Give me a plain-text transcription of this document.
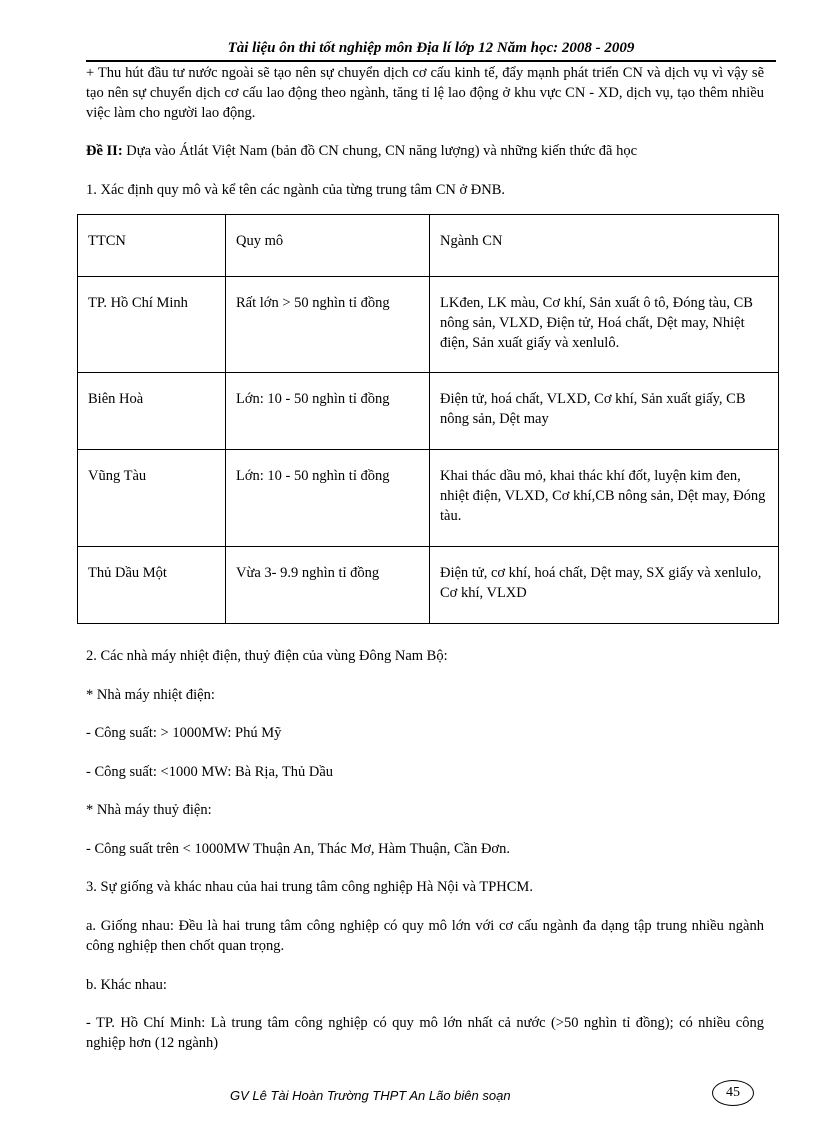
Tài liệu ôn thi tốt nghiệp môn Địa lí lớp 12 Năm học: 2008 - 2009

+ Thu hút đầu tư nước ngoài sẽ tạo nên sự chuyển dịch cơ cấu kinh tế, đẩy mạnh phát triển CN và dịch vụ vì vậy sẽ tạo nên sự chuyển dịch cơ cấu lao động theo ngành, tăng tỉ lệ lao động ở khu vực CN - XD, dịch vụ, tạo thêm nhiều việc làm cho người lao động.

Đề II: Dựa vào Átlát Việt Nam (bản đồ CN chung, CN năng lượng) và những kiến thức đã học

1. Xác định quy mô và kể tên các ngành của từng trung tâm CN ở ĐNB.

TTCN	Quy mô	Ngành CN
TP. Hồ Chí Minh	Rất lớn > 50 nghìn tỉ đồng	LKđen, LK màu, Cơ khí, Sản xuất ô tô, Đóng tàu, CB nông sản, VLXD, Điện tử, Hoá chất, Dệt may, Nhiệt điện, Sản xuất giấy và xenlulô.
Biên Hoà	Lớn: 10 - 50 nghìn tỉ đồng	Điện tử, hoá chất, VLXD, Cơ khí, Sản xuất giấy, CB nông sản, Dệt may
Vũng Tàu	Lớn: 10 - 50 nghìn tỉ đồng	Khai thác dầu mỏ, khai thác khí đốt, luyện kim đen, nhiệt điện, VLXD, Cơ khí,CB nông sản, Dệt may, Đóng tàu.
Thủ Dầu Một	Vừa 3- 9.9 nghìn tỉ đồng	Điện tử, cơ khí, hoá chất, Dệt may, SX giấy và xenlulo, Cơ khí, VLXD

2. Các nhà máy nhiệt điện, thuỷ điện của vùng Đông Nam Bộ:

* Nhà máy nhiệt điện:

- Công suất: > 1000MW: Phú Mỹ

- Công suất: <1000 MW: Bà Rịa, Thủ Dầu

* Nhà máy thuỷ điện:

- Công suất trên < 1000MW Thuận An, Thác Mơ, Hàm Thuận, Cần Đơn.

3. Sự giống và khác nhau của hai trung tâm công nghiệp Hà Nội và TPHCM.

a. Giống nhau: Đều là hai trung tâm công nghiệp có quy mô lớn với cơ cấu ngành đa dạng tập trung nhiều ngành công nghiệp then chốt quan trọng.

b. Khác nhau:

- TP. Hồ Chí Minh: Là trung tâm công nghiệp có quy mô lớn nhất cả nước (>50 nghìn tỉ đồng); có nhiều công nghiệp hơn (12 ngành)

GV Lê Tài Hoàn Trường THPT An Lão biên soạn	45
